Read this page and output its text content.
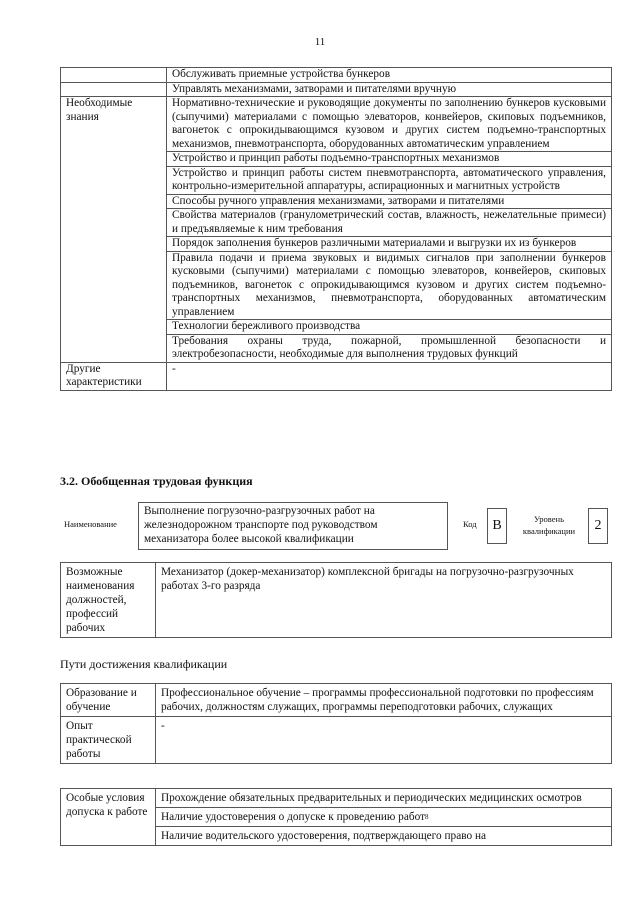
11
	Обслуживать приемные устройства бункеров
	Управлять механизмами, затворами и питателями вручную
Необходимые знания	Нормативно-технические и руководящие документы по заполнению бункеров кусковыми (сыпучими) материалами с помощью элеваторов, конвейеров, скиповых подъемников, вагонеток с опрокидывающимся кузовом и других систем подъемно-транспортных механизмов, пневмотранспорта, оборудованных автоматическим управлением
	Устройство и принцип работы подъемно-транспортных механизмов
	Устройство и принцип работы систем пневмотранспорта, автоматического управления, контрольно-измерительной аппаратуры, аспирационных и магнитных устройств
	Способы ручного управления механизмами, затворами и питателями
	Свойства материалов (гранулометрический состав, влажность, нежелательные примеси) и предъявляемые к ним требования
	Порядок заполнения бункеров различными материалами и выгрузки их из бункеров
	Правила подачи и приема звуковых и видимых сигналов при заполнении бункеров кусковыми (сыпучими) материалами с помощью элеваторов, конвейеров, скиповых подъемников, вагонеток с опрокидывающимся кузовом и других систем подъемно-транспортных механизмов, пневмотранспорта, оборудованных автоматическим управлением
	Технологии бережливого производства
	Требования охраны труда, пожарной, промышленной безопасности и электробезопасности, необходимые для выполнения трудовых функций
Другие характеристики	-
3.2. Обобщенная трудовая функция
Наименование
Выполнение погрузочно-разгрузочных работ на железнодорожном транспорте под руководством механизатора более высокой квалификации
Код	В	Уровень квалификации	2
Возможные наименования должностей, профессий рабочих	Механизатор (докер-механизатор) комплексной бригады на погрузочно-разгрузочных работах 3-го разряда
Пути достижения квалификации
Образование и обучение	Профессиональное обучение – программы профессиональной подготовки по профессиям рабочих, должностям служащих, программы переподготовки рабочих, служащих
Опыт практической работы	-
Особые условия допуска к работе	Прохождение обязательных предварительных и периодических медицинских осмотров
Наличие удостоверения о допуске к проведению работ$^8$
Наличие водительского удостоверения, подтверждающего право на
